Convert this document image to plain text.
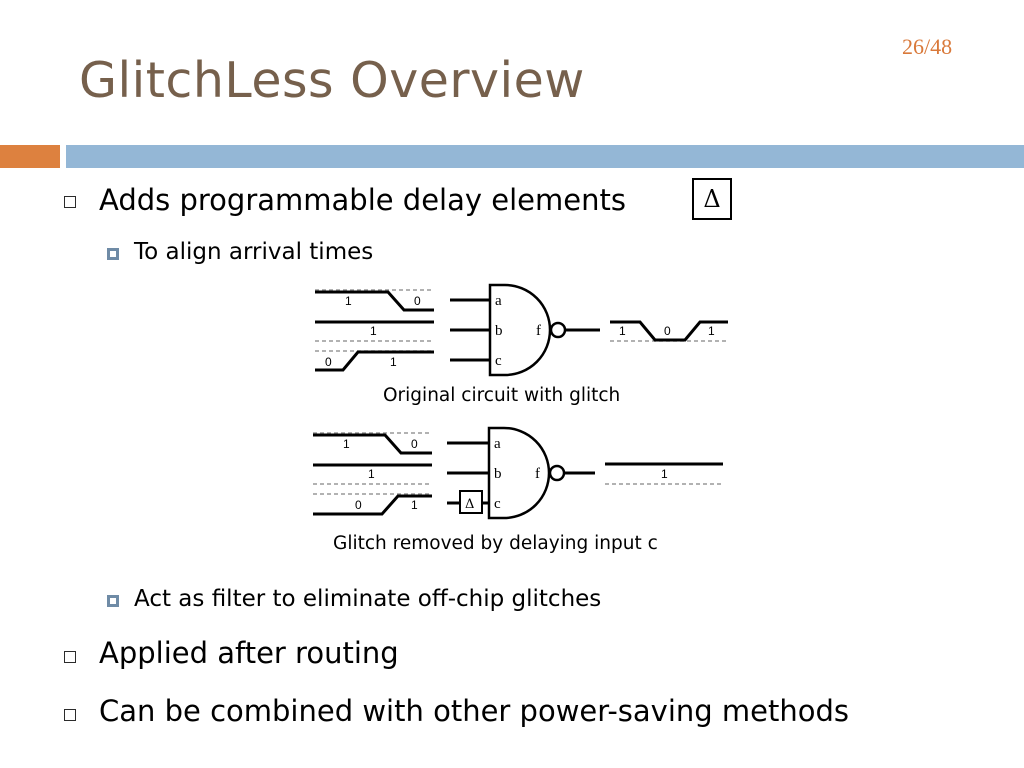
26/48
GlitchLess Overview
Adds programmable delay elements	Δ
To align arrival times
1	0
1
0	1
1	0	1
a
b
c
f
Original circuit with glitch
1	0
1
0	1
1
a
b
c
f
Δ
Glitch removed by delaying input c
Act as filter to eliminate off-chip glitches
Applied after routing
Can be combined with other power-saving methods
